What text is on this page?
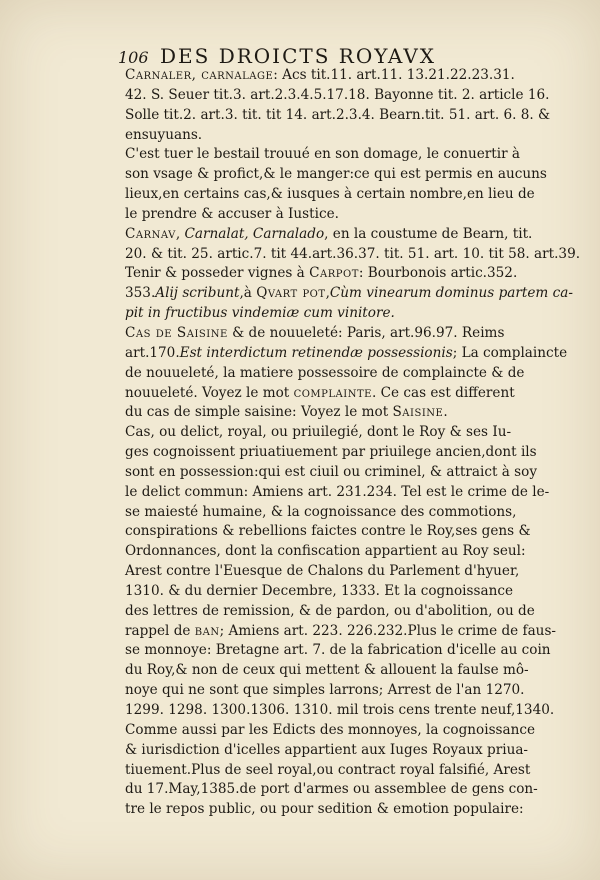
106 DES DROICTS ROYAVX
Carnaler, carnalage: Acs tit.11. art.11. 13.21.22.23.31.
42. S. Seuer tit.3. art.2.3.4.5.17.18. Bayonne tit. 2. article 16.
Solle tit.2. art.3. tit. tit 14. art.2.3.4. Bearn.tit. 51. art. 6. 8. &
ensuyuans.
C'est tuer le bestail trouué en son domage, le conuertir à
son vsage & profict,& le manger:ce qui est permis en aucuns
lieux,en certains cas,& iusques à certain nombre,en lieu de
le prendre & accuser à Iustice.
Carnav, Carnalat, Carnalado, en la coustume de Bearn, tit.
20. & tit. 25. artic.7. tit 44.art.36.37. tit. 51. art. 10. tit 58. art.39.
Tenir & posseder vignes à Carpot: Bourbonois artic.352.
353.Alij scribunt,à Qvart pot,Cùm vinearum dominus partem ca-
pit in fructibus vindemiæ cum vinitore.
Cas de Saisine & de nouueleté: Paris, art.96.97. Reims
art.170.Est interdictum retinendæ possessionis; La complaincte
de nouueleté, la matiere possessoire de complaincte & de
nouueleté. Voyez le mot complainte. Ce cas est different
du cas de simple saisine: Voyez le mot Saisine.
Cas, ou delict, royal, ou priuilegié, dont le Roy & ses Iu-
ges cognoissent priuatiuement par priuilege ancien,dont ils
sont en possession:qui est ciuil ou criminel, & attraict à soy
le delict commun: Amiens art. 231.234. Tel est le crime de le-
se maiesté humaine, & la cognoissance des commotions,
conspirations & rebellions faictes contre le Roy,ses gens &
Ordonnances, dont la confiscation appartient au Roy seul:
Arest contre l'Euesque de Chalons du Parlement d'hyuer,
1310. & du dernier Decembre, 1333. Et la cognoissance
des lettres de remission, & de pardon, ou d'abolition, ou de
rappel de ban; Amiens art. 223. 226.232.Plus le crime de faus-
se monnoye: Bretagne art. 7. de la fabrication d'icelle au coin
du Roy,& non de ceux qui mettent & allouent la faulse mô-
noye qui ne sont que simples larrons; Arrest de l'an 1270.
1299. 1298. 1300.1306. 1310. mil trois cens trente neuf,1340.
Comme aussi par les Edicts des monnoyes, la cognoissance
& iurisdiction d'icelles appartient aux Iuges Royaux priua-
tiuement.Plus de seel royal,ou contract royal falsifié, Arest
du 17.May,1385.de port d'armes ou assemblee de gens con-
tre le repos public, ou pour sedition & emotion populaire:
